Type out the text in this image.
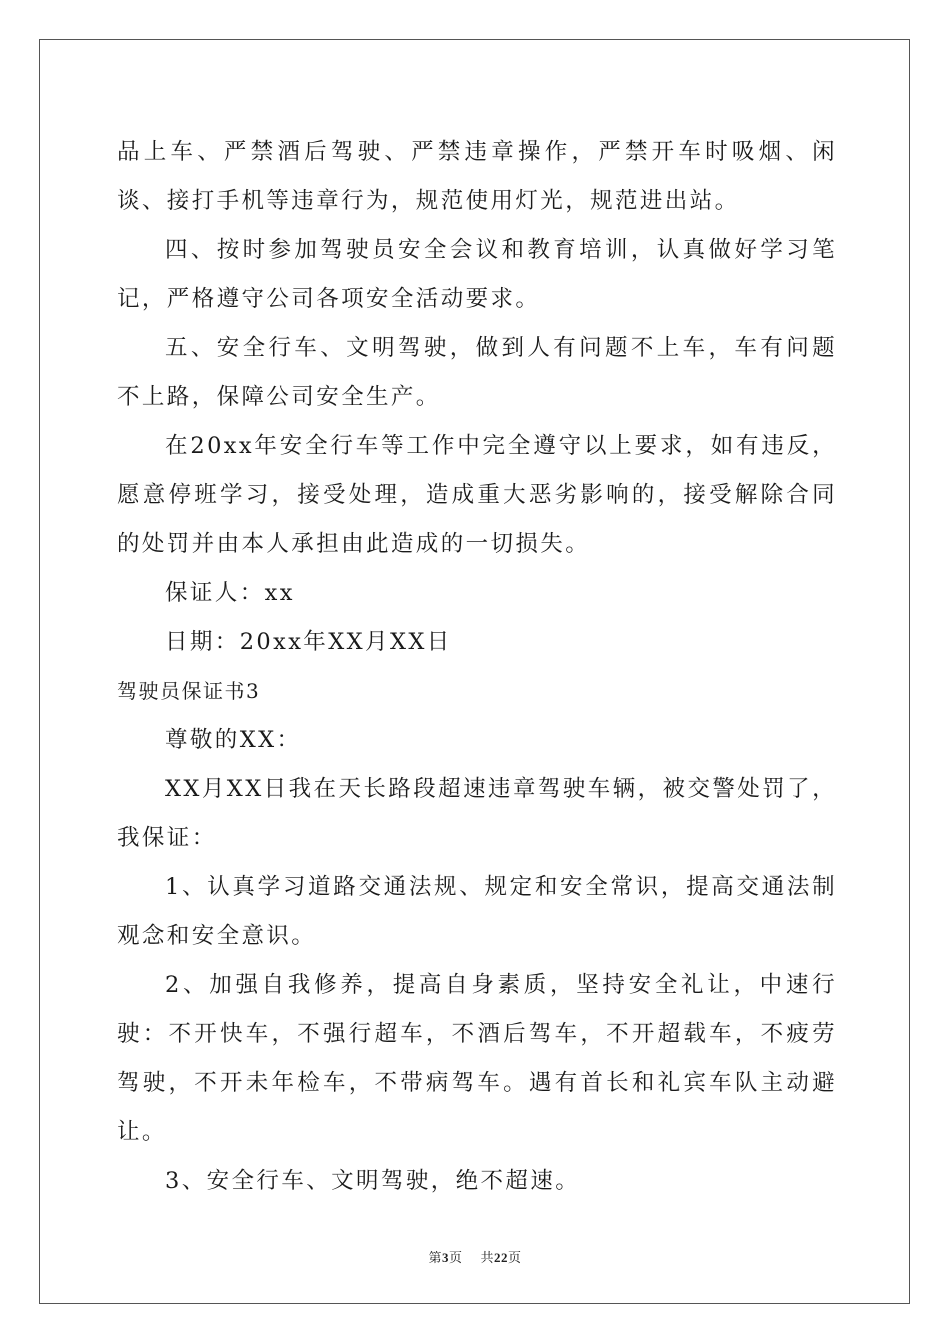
品上车、严禁酒后驾驶、严禁违章操作，严禁开车时吸烟、闲谈、接打手机等违章行为，规范使用灯光，规范进出站。

四、按时参加驾驶员安全会议和教育培训，认真做好学习笔记，严格遵守公司各项安全活动要求。

五、安全行车、文明驾驶，做到人有问题不上车，车有问题不上路，保障公司安全生产。

在20xx年安全行车等工作中完全遵守以上要求，如有违反，愿意停班学习，接受处理，造成重大恶劣影响的，接受解除合同的处罚并由本人承担由此造成的一切损失。

保证人：xx

日期：20xx年XX月XX日

驾驶员保证书3

尊敬的XX：

XX月XX日我在天长路段超速违章驾驶车辆，被交警处罚了，我保证：

1、认真学习道路交通法规、规定和安全常识，提高交通法制观念和安全意识。

2、加强自我修养，提高自身素质，坚持安全礼让，中速行驶：不开快车，不强行超车，不酒后驾车，不开超载车，不疲劳驾驶，不开未年检车，不带病驾车。遇有首长和礼宾车队主动避让。

3、安全行车、文明驾驶，绝不超速。

第3页 共22页
